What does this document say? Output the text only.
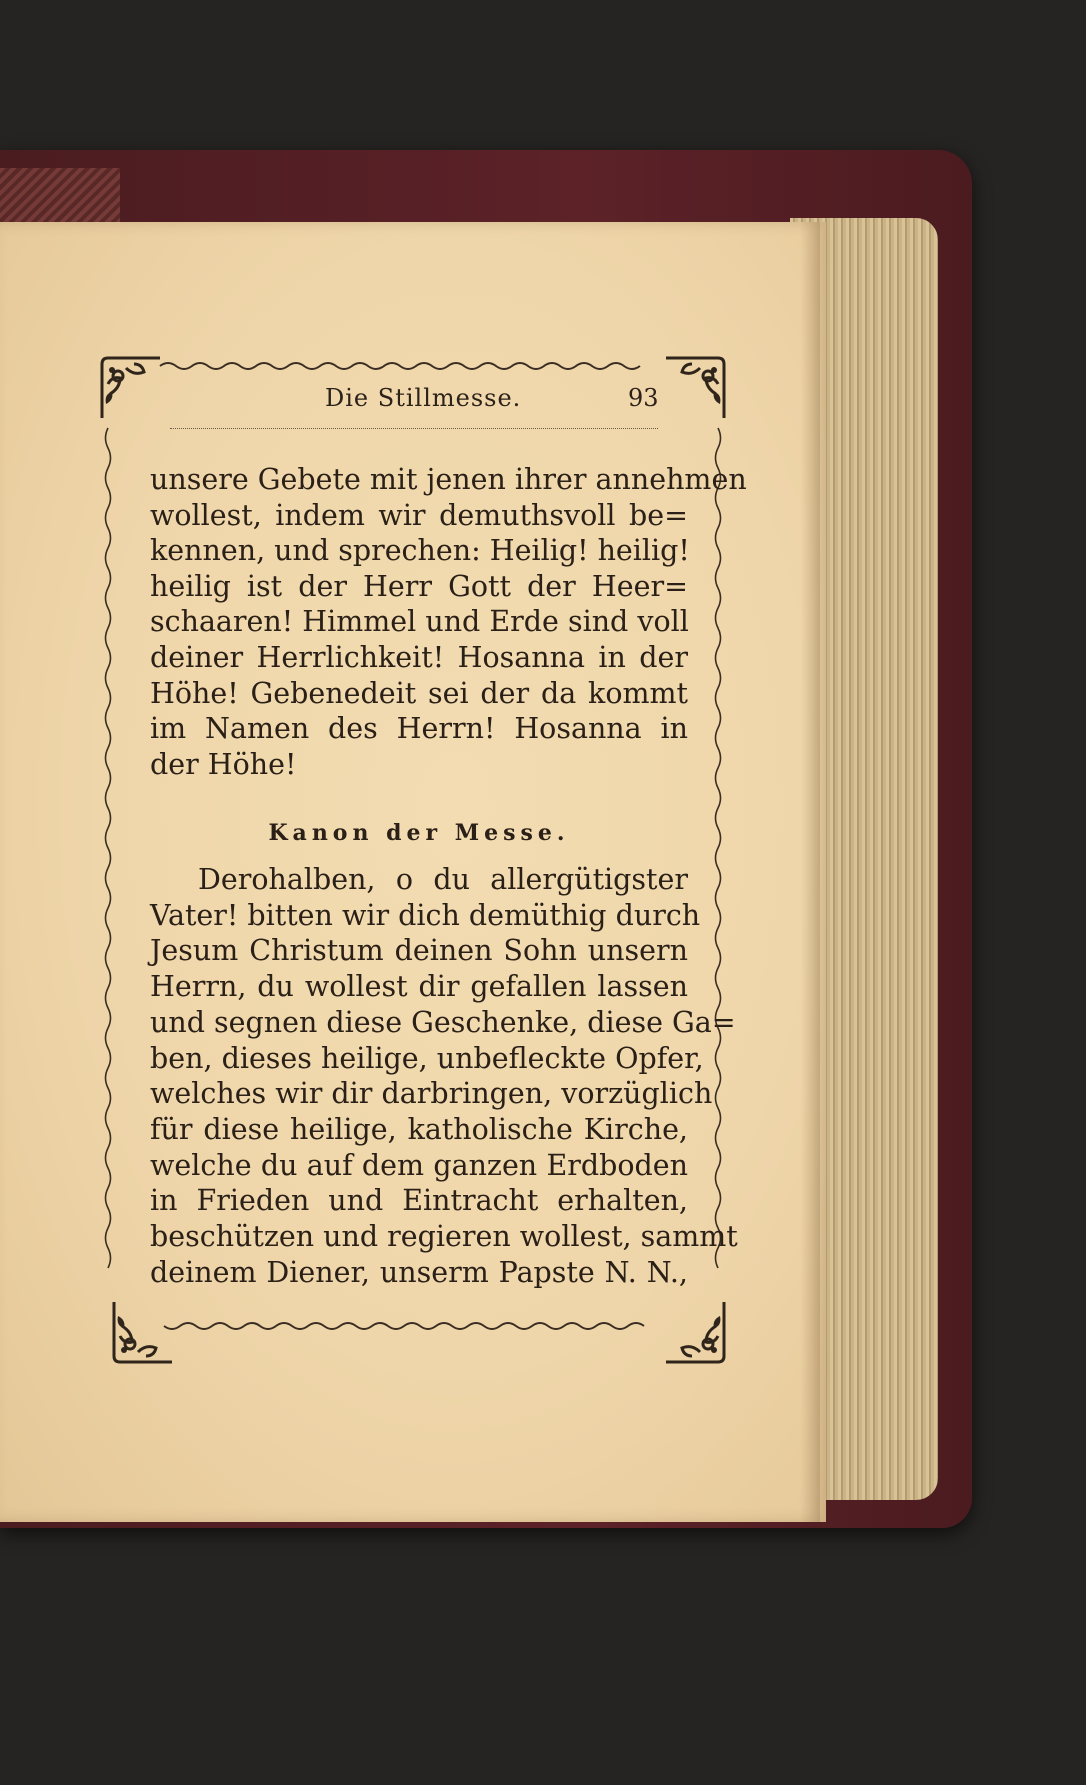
Die Stillmesse.	93
unsere Gebete mit jenen ihrer annehmen
wollest, indem wir demuthsvoll be=
kennen, und sprechen: Heilig! heilig!
heilig ist der Herr Gott der Heer=
schaaren! Himmel und Erde sind voll
deiner Herrlichkeit! Hosanna in der
Höhe! Gebenedeit sei der da kommt
im Namen des Herrn! Hosanna in
der Höhe!
Kanon der Messe.
Derohalben, o du allergütigster
Vater! bitten wir dich demüthig durch
Jesum Christum deinen Sohn unsern
Herrn, du wollest dir gefallen lassen
und segnen diese Geschenke, diese Ga=
ben, dieses heilige, unbefleckte Opfer,
welches wir dir darbringen, vorzüglich
für diese heilige, katholische Kirche,
welche du auf dem ganzen Erdboden
in Frieden und Eintracht erhalten,
beschützen und regieren wollest, sammt
deinem Diener, unserm Papste N. N.,
